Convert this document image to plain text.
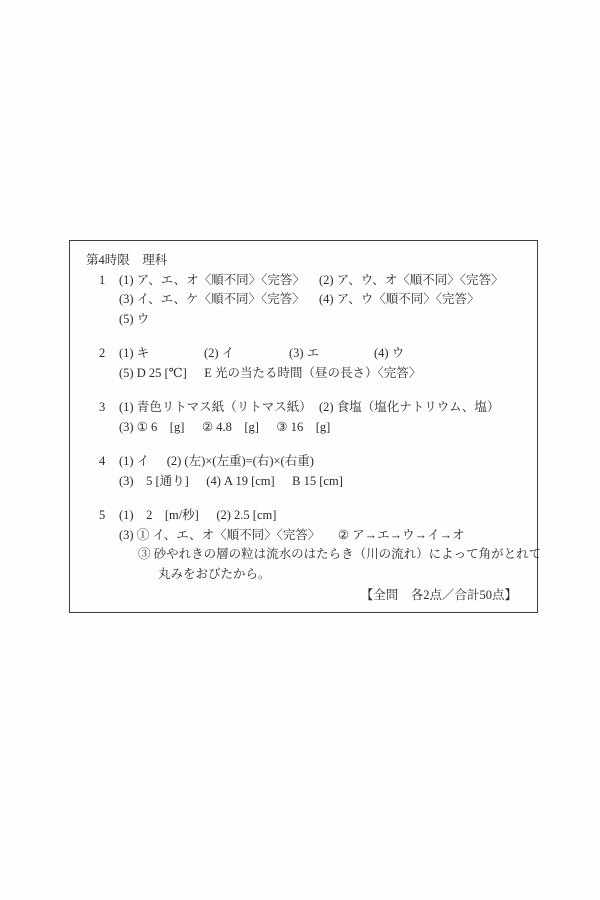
第4時限 理科
1 (1) ア、エ、オ〈順不同〉〈完答〉 (2) ア、ウ、オ〈順不同〉〈完答〉
(3) イ、エ、ケ〈順不同〉〈完答〉 (4) ア、ウ〈順不同〉〈完答〉
(5) ウ
2 (1) キ	(2) イ	(3) エ	(4) ウ
(5) D 25 [℃] E 光の当たる時間（昼の長さ）〈完答〉
3 (1) 青色リトマス紙（リトマス紙） (2) 食塩（塩化ナトリウム、塩）
(3) ① 6　[g] ② 4.8　[g] ③ 16　[g]
4 (1) イ (2) (左)×(左重)=(右)×(右重)
(3)　5 [通り] (4) A 19 [cm] B 15 [cm]
5 (1)　2　[m/秒] (2) 2.5 [cm]
(3) ① イ、エ、オ〈順不同〉〈完答〉 ② ア→エ→ウ→イ→オ
③ 砂やれきの層の粒は流水のはたらき（川の流れ）によって角がとれて
丸みをおびたから。
【全問　各2点／合計50点】
